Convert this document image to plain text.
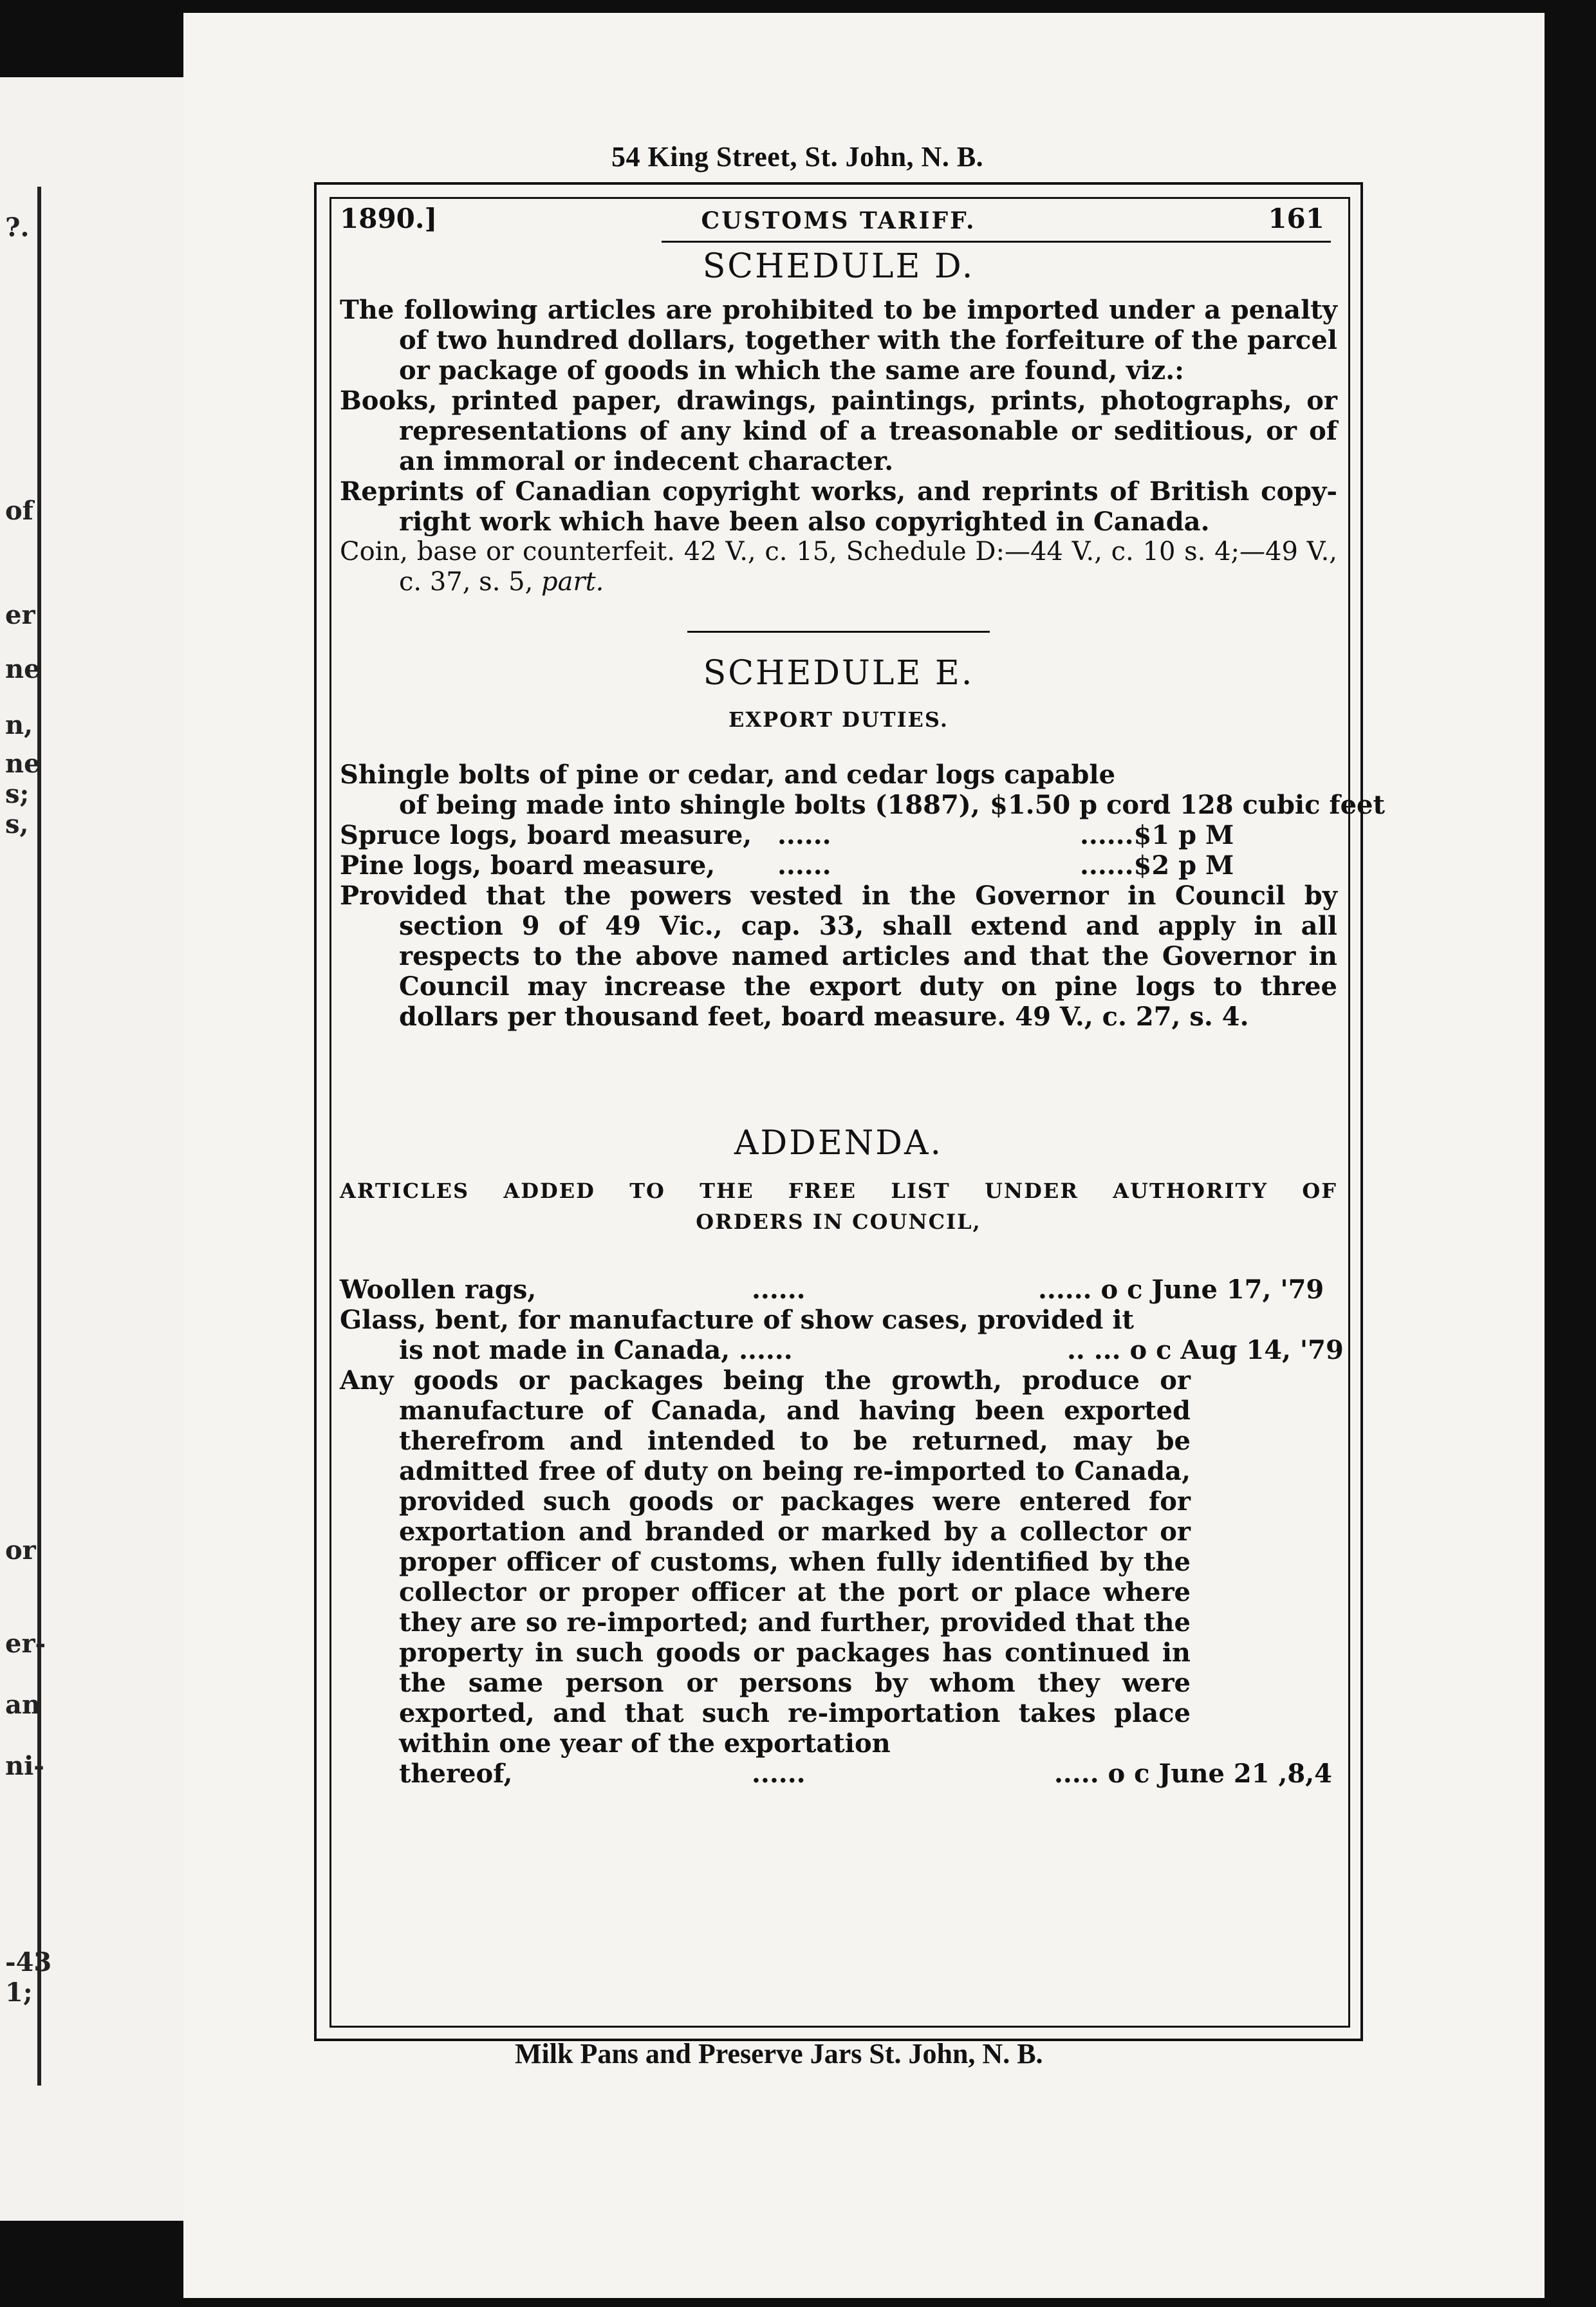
?.
of
er
ne
n,
ne
s;
s,
or
er-
an
ni-
-43
1;
54 King Street, St. John, N. B.
1890.]	CUSTOMS TARIFF.	161
SCHEDULE D.

The following articles are prohibited to be imported under a penalty of two hundred dollars, together with the forfeiture of the parcel or package of goods in which the same are found, viz.:

Books, printed paper, drawings, paintings, prints, photographs, or representations of any kind of a treasonable or seditious, or of an immoral or indecent character.

Reprints of Canadian copyright works, and reprints of British copy-right work which have been also copyrighted in Canada.

Coin, base or counterfeit. 42 V., c. 15, Schedule D:—44 V., c. 10 s. 4;—49 V., c. 37, s. 5, part.

SCHEDULE E.
EXPORT DUTIES.
Shingle bolts of pine or cedar, and cedar logs capable
of being made into shingle bolts (1887), $1.50 p cord 128 cubic feet
Spruce logs, board measure, ......	......$1 p M
Pine logs, board measure, ......	......$2 p M

Provided that the powers vested in the Governor in Council by section 9 of 49 Vic., cap. 33, shall extend and apply in all respects to the above named articles and that the Governor in Council may increase the export duty on pine logs to three dollars per thousand feet, board measure. 49 V., c. 27, s. 4.

ADDENDA.
ARTICLES ADDED TO THE FREE LIST UNDER AUTHORITY OF
ORDERS IN COUNCIL,
Woollen rags,	......	...... o c June 17, '79
Glass, bent, for manufacture of show cases, provided it
is not made in Canada, ......	.. ... o c Aug 14, '79

Any goods or packages being the growth, produce or manufacture of Canada, and having been exported therefrom and intended to be returned, may be admitted free of duty on being re-imported to Canada, provided such goods or packages were entered for exportation and branded or marked by a collector or proper officer of customs, when fully identified by the collector or proper officer at the port or place where they are so re-imported; and further, provided that the property in such goods or packages has continued in the same person or persons by whom they were exported, and that such re-importation takes place within one year of the exportation

thereof,	......	..... o c June 21 ,8,4
Milk Pans and Preserve Jars St. John, N. B.
